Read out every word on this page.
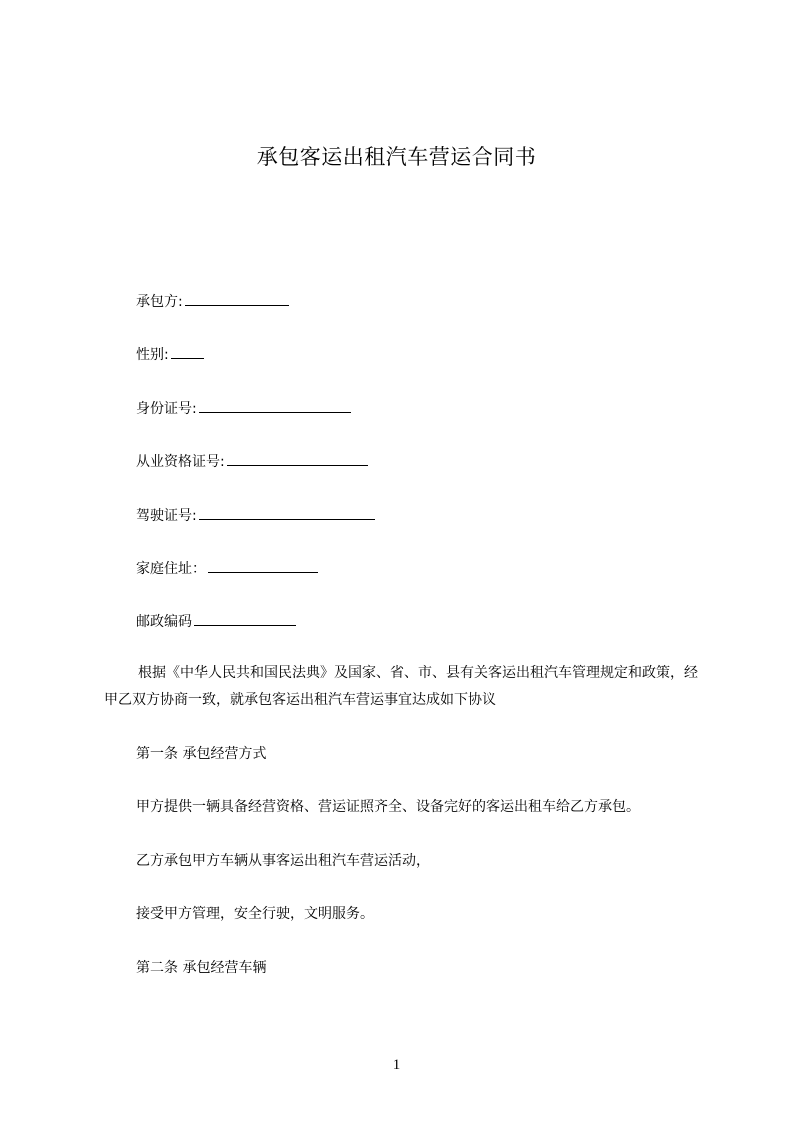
承包客运出租汽车营运合同书
承包方:
性别:
身份证号:
从业资格证号:
驾驶证号:
家庭住址：
邮政编码
根据《中华人民共和国民法典》及国家、省、市、县有关客运出租汽车管理规定和政策，经甲乙双方协商一致，就承包客运出租汽车营运事宜达成如下协议
第一条 承包经营方式
甲方提供一辆具备经营资格、营运证照齐全、设备完好的客运出租车给乙方承包。
乙方承包甲方车辆从事客运出租汽车营运活动，
接受甲方管理，安全行驶，文明服务。
第二条 承包经营车辆
1
